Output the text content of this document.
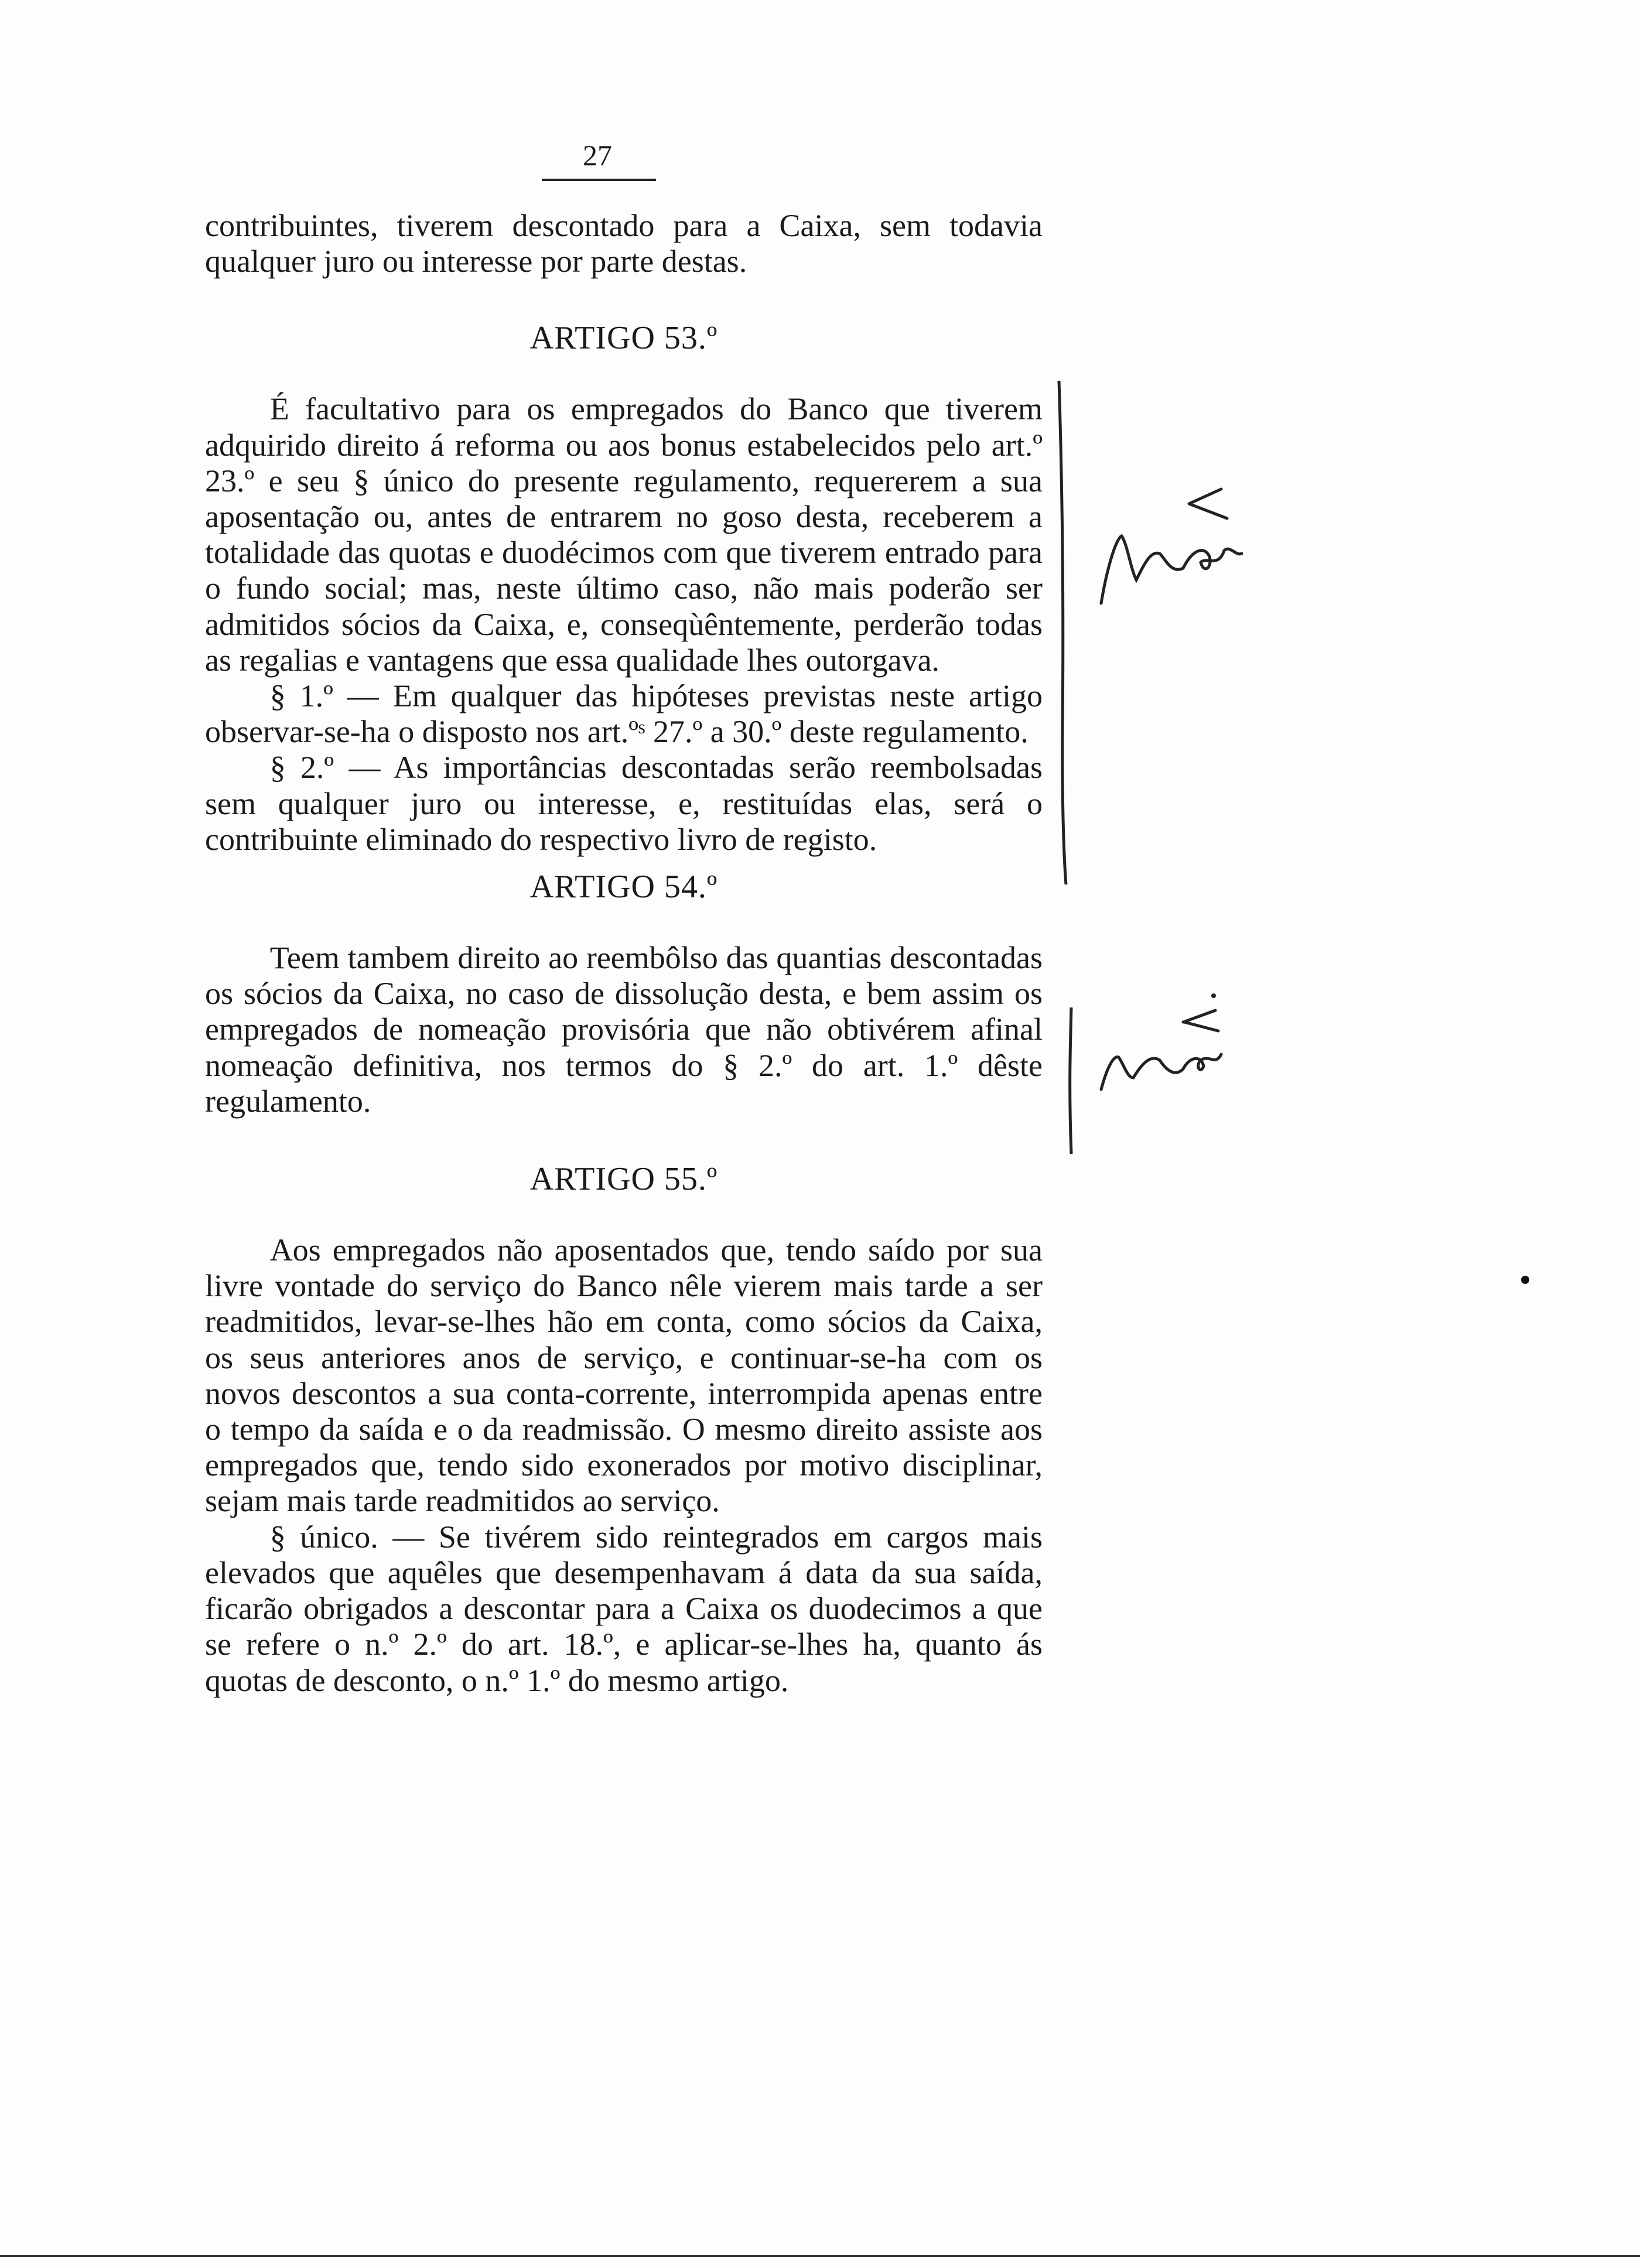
27

contribuintes, tiverem descontado para a Caixa, sem todavia qualquer juro ou interesse por parte destas.

ARTIGO 53.º

É facultativo para os empregados do Banco que tiverem adquirido direito á reforma ou aos bonus estabelecidos pelo art.º 23.º e seu § único do presente regulamento, requererem a sua aposentação ou, antes de entrarem no goso desta, receberem a totalidade das quotas e duodécimos com que tiverem entrado para o fundo social; mas, neste último caso, não mais poderão ser admitidos sócios da Caixa, e, conseqùêntemente, perderão todas as regalias e vantagens que essa qualidade lhes outorgava.

§ 1.º — Em qualquer das hipóteses previstas neste artigo observar-se-ha o disposto nos art.ºˢ 27.º a 30.º deste regulamento.

§ 2.º — As importâncias descontadas serão reembolsadas sem qualquer juro ou interesse, e, restituídas elas, será o contribuinte eliminado do respectivo livro de registo.

ARTIGO 54.º

Teem tambem direito ao reembôlso das quantias descontadas os sócios da Caixa, no caso de dissolução desta, e bem assim os empregados de nomeação provisória que não obtivérem afinal nomeação definitiva, nos termos do § 2.º do art. 1.º dêste regulamento.

ARTIGO 55.º

Aos empregados não aposentados que, tendo saído por sua livre vontade do serviço do Banco nêle vierem mais tarde a ser readmitidos, levar-se-lhes hão em conta, como sócios da Caixa, os seus anteriores anos de serviço, e continuar-se-ha com os novos descontos a sua conta-corrente, interrompida apenas entre o tempo da saída e o da readmissão. O mesmo direito assiste aos empregados que, tendo sido exonerados por motivo disciplinar, sejam mais tarde readmitidos ao serviço.

§ único. — Se tivérem sido reintegrados em cargos mais elevados que aquêles que desempenhavam á data da sua saída, ficarão obrigados a descontar para a Caixa os duodecimos a que se refere o n.º 2.º do art. 18.º, e aplicar-se-lhes ha, quanto ás quotas de desconto, o n.º 1.º do mesmo artigo.
